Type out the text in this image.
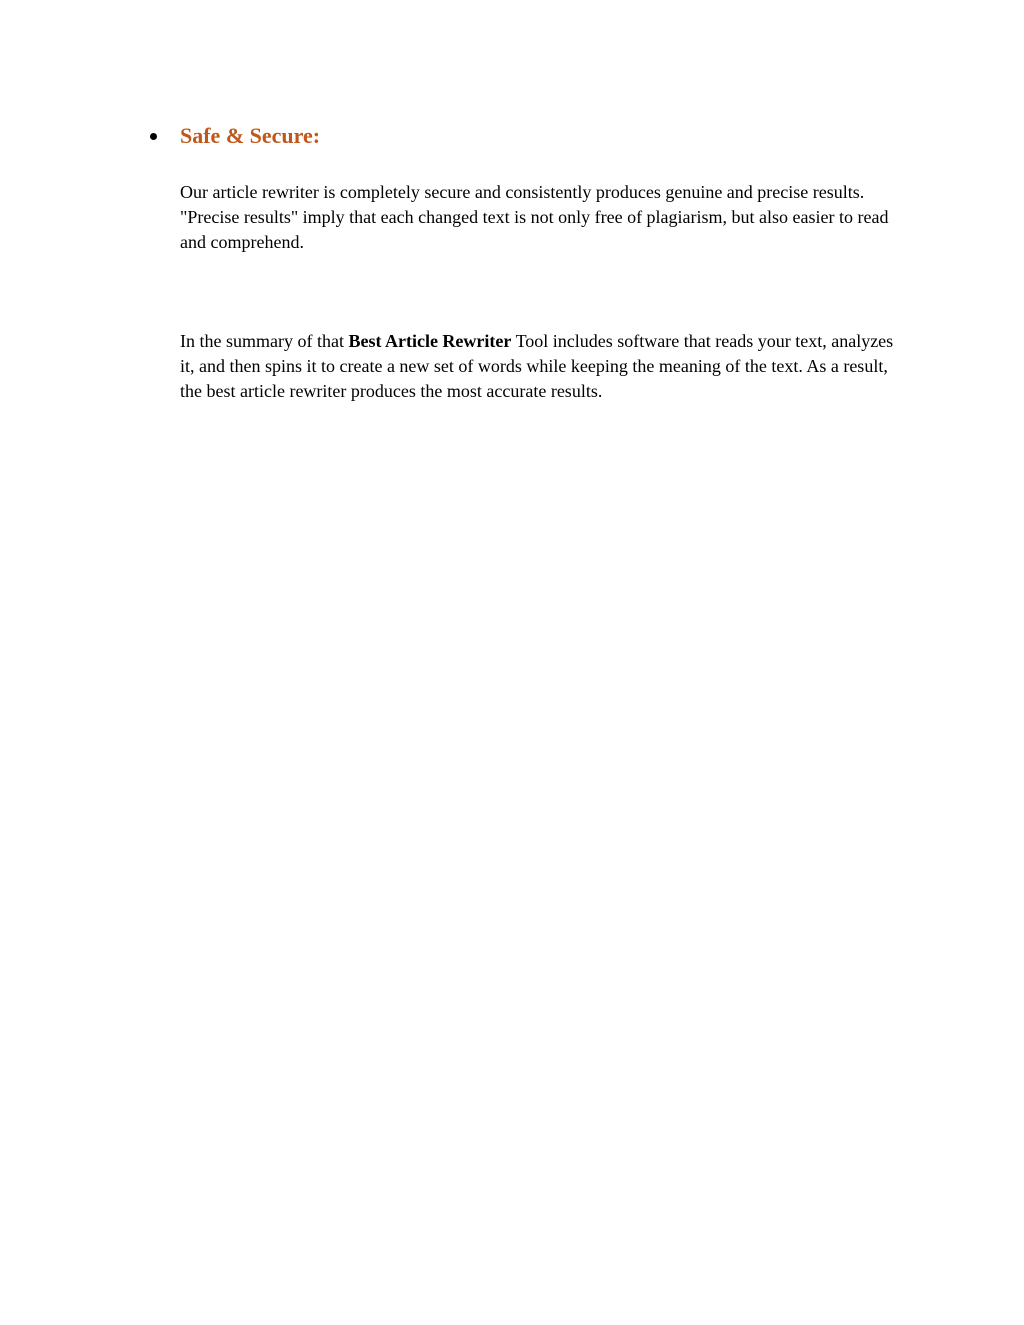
Safe & Secure:

Our article rewriter is completely secure and consistently produces genuine and precise results. "Precise results" imply that each changed text is not only free of plagiarism, but also easier to read and comprehend.

In the summary of that Best Article Rewriter Tool includes software that reads your text, analyzes it, and then spins it to create a new set of words while keeping the meaning of the text. As a result, the best article rewriter produces the most accurate results.
